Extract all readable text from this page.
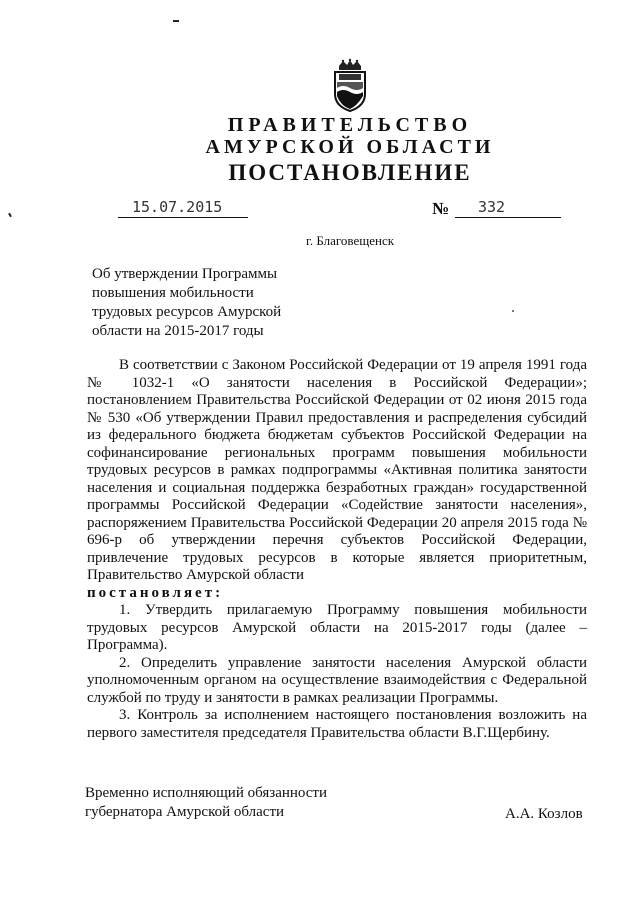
ПРАВИТЕЛЬСТВО
АМУРСКОЙ ОБЛАСТИ
ПОСТАНОВЛЕНИЕ
15.07.2015	№ 332
г. Благовещенск
Об утверждении Программы
повышения мобильности
трудовых ресурсов Амурской
области на 2015-2017 годы

В соответствии с Законом Российской Федерации от 19 апреля 1991 года № 1032-1 «О занятости населения в Российской Федерации»; постановлением Правительства Российской Федерации от 02 июня 2015 года № 530 «Об утверждении Правил предоставления и распределения субсидий из федерального бюджета бюджетам субъектов Российской Федерации на софинансирование региональных программ повышения мобильности трудовых ресурсов в рамках подпрограммы «Активная политика занятости населения и социальная поддержка безработных граждан» государственной программы Российской Федерации «Содействие занятости населения», распоряжением Правительства Российской Федерации 20 апреля 2015 года № 696-р об утверждении перечня субъектов Российской Федерации, привлечение трудовых ресурсов в которые является приоритетным, Правительство Амурской области

постановляет:

1. Утвердить прилагаемую Программу повышения мобильности трудовых ресурсов Амурской области на 2015-2017 годы (далее – Программа).

2. Определить управление занятости населения Амурской области уполномоченным органом на осуществление взаимодействия с Федеральной службой по труду и занятости в рамках реализации Программы.

3. Контроль за исполнением настоящего постановления возложить на первого заместителя председателя Правительства области В.Г.Щербину.

Временно исполняющий обязанности
губернатора Амурской области	А.А. Козлов
